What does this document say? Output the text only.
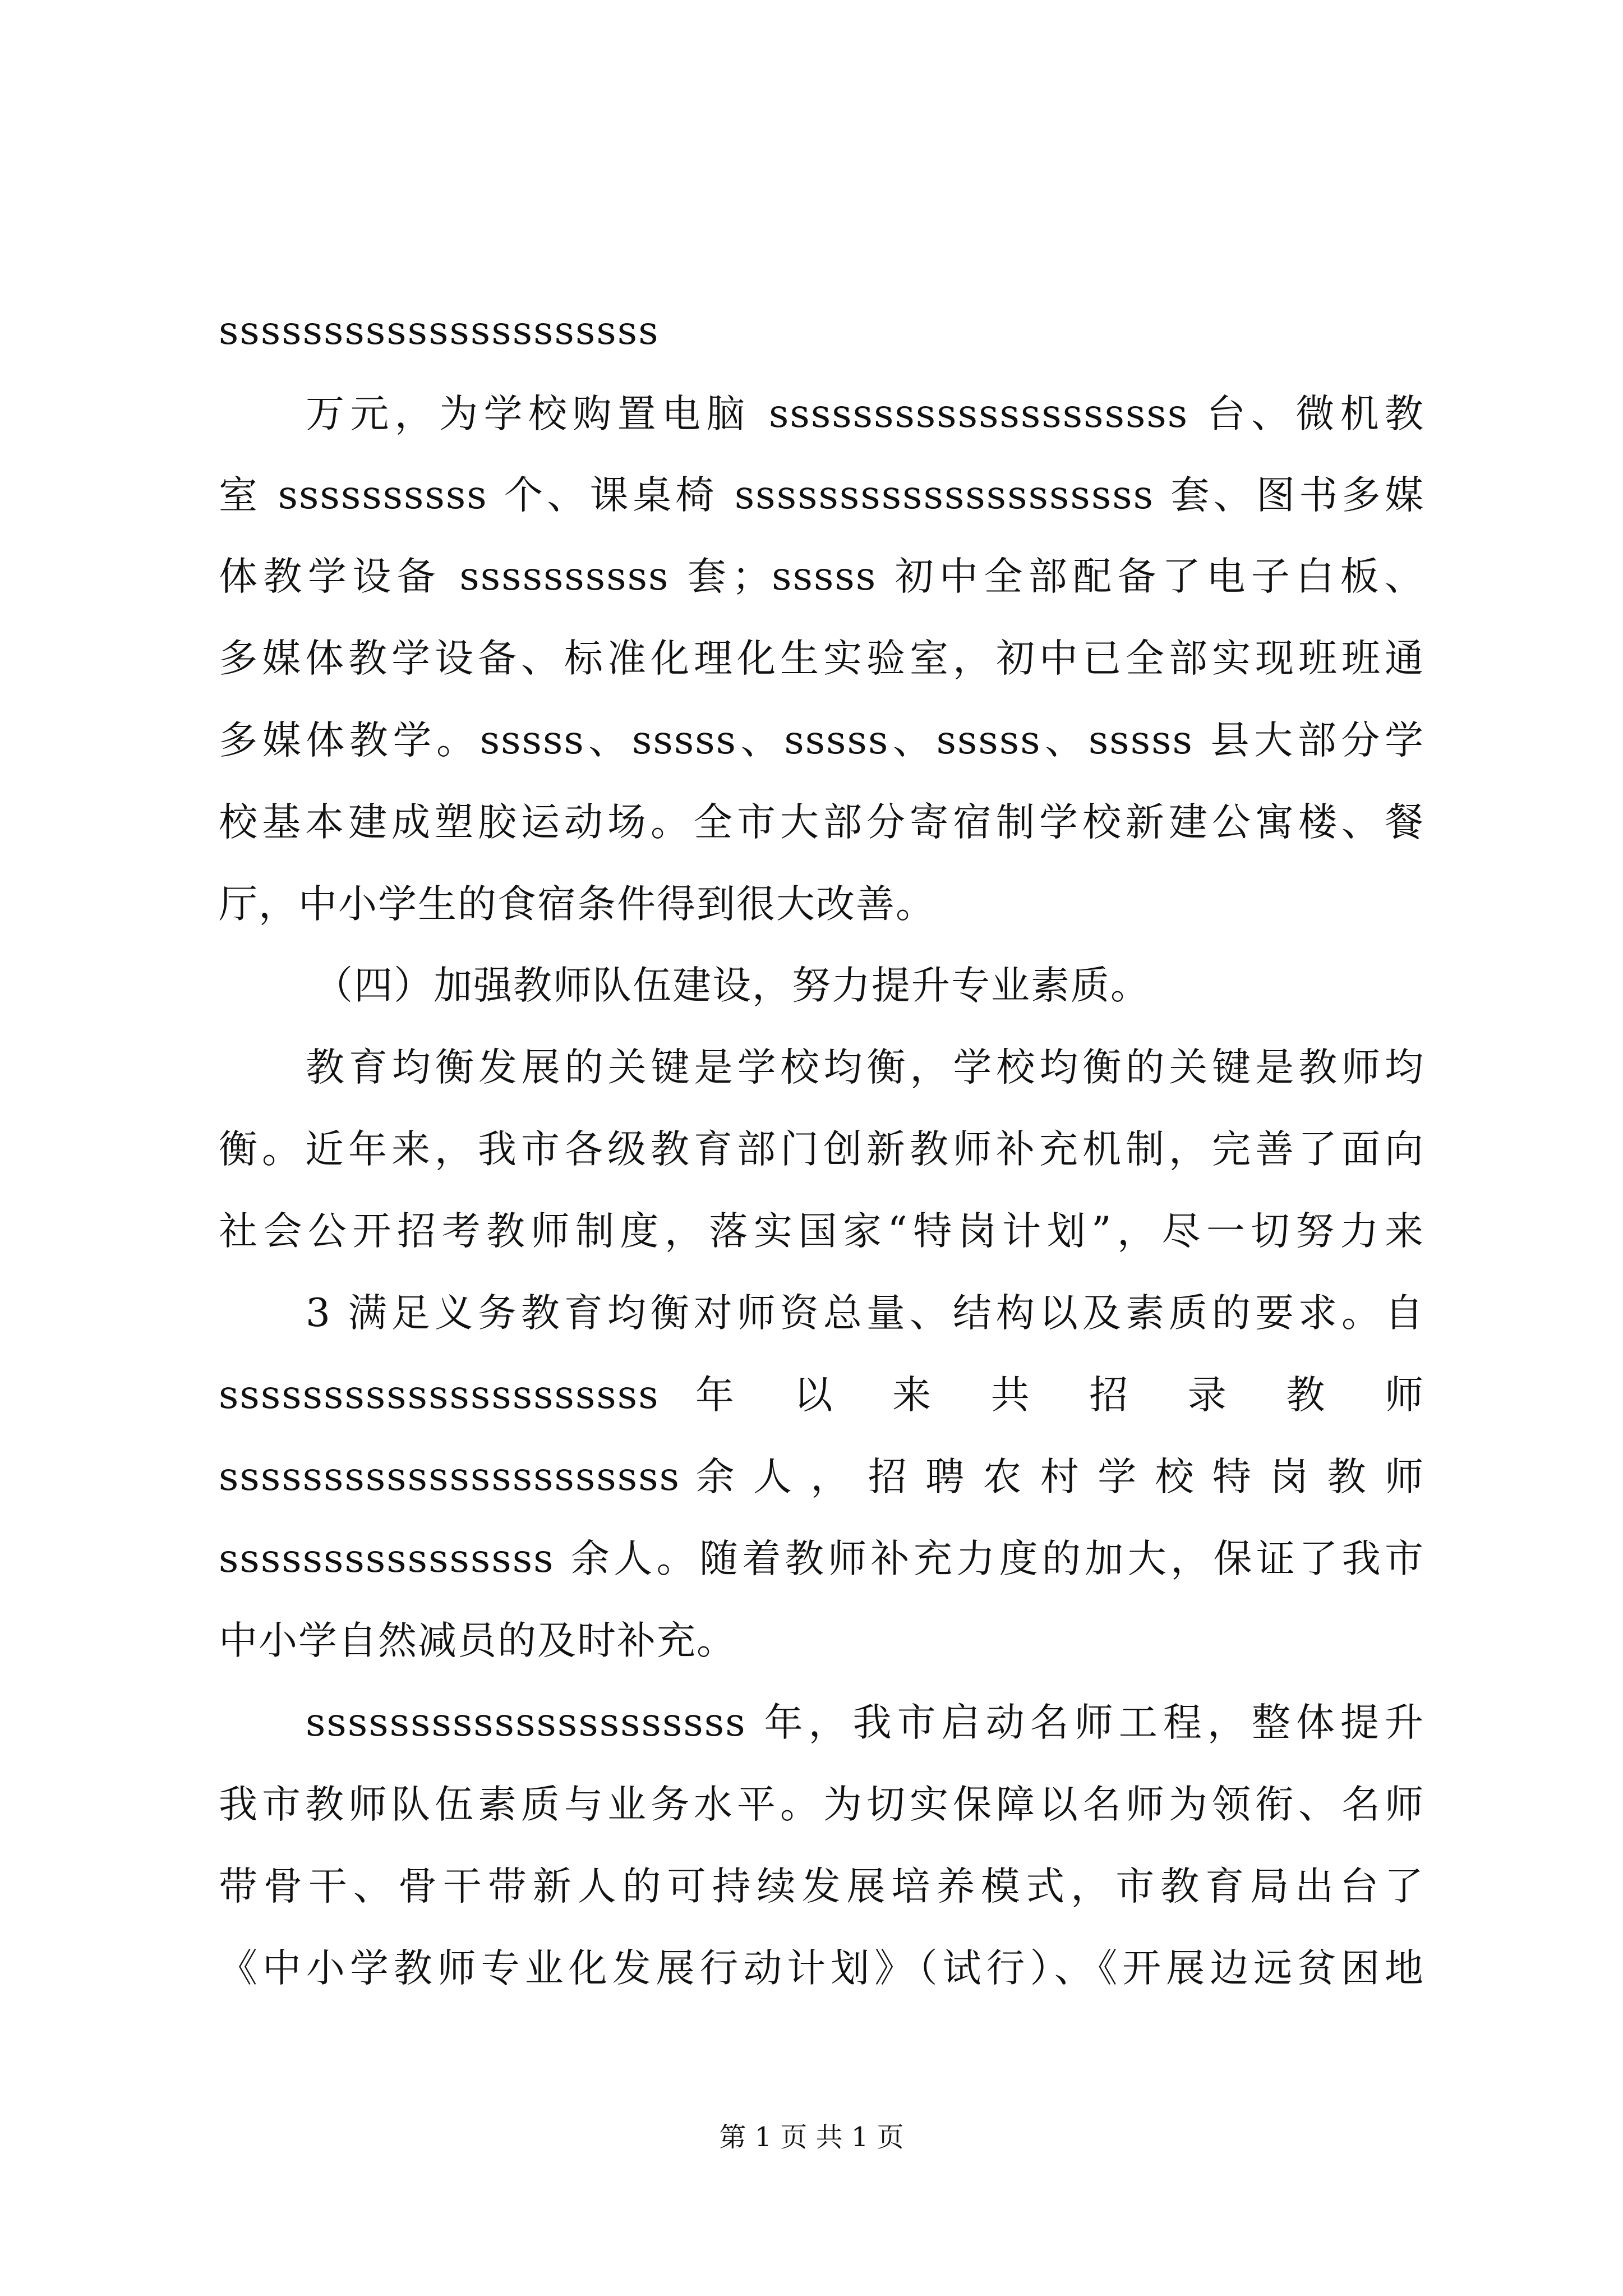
sssssssssssssssssssss
万元，为学校购置电脑 ssssssssssssssssssss 台、微机教
室 ssssssssss 个、课桌椅 ssssssssssssssssssss 套、图书多媒
体教学设备 ssssssssss 套；sssss 初中全部配备了电子白板、
多媒体教学设备、标准化理化生实验室，初中已全部实现班班通
多媒体教学。sssss、sssss、sssss、sssss、sssss 县大部分学
校基本建成塑胶运动场。全市大部分寄宿制学校新建公寓楼、餐
厅，中小学生的食宿条件得到很大改善。
（四）加强教师队伍建设，努力提升专业素质。
教育均衡发展的关键是学校均衡，学校均衡的关键是教师均
衡。近年来，我市各级教育部门创新教师补充机制，完善了面向
社会公开招考教师制度，落实国家“特岗计划”，尽一切努力来
3 满足义务教育均衡对师资总量、结构以及素质的要求。自
sssssssssssssssssssss 年 以 来 共 招 录 教 师
ssssssssssssssssssssss 余 人 ， 招 聘 农 村 学 校 特 岗 教 师
ssssssssssssssss 余人。随着教师补充力度的加大，保证了我市
中小学自然减员的及时补充。
sssssssssssssssssssss 年，我市启动名师工程，整体提升
我市教师队伍素质与业务水平。为切实保障以名师为领衔、名师
带骨干、骨干带新人的可持续发展培养模式，市教育局出台了
《中小学教师专业化发展行动计划》（试行）、《开展边远贫困地
第 1 页 共 1 页
